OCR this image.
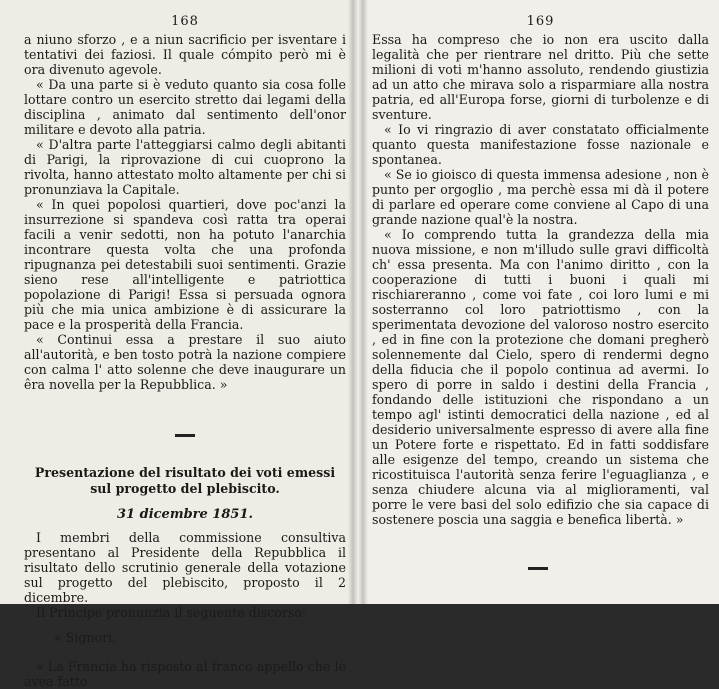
168

a niuno sforzo , e a niun sacrificio per isventare i tentativi dei faziosi. Il quale cómpito però mi è ora divenuto agevole.

« Da una parte si è veduto quanto sia cosa folle lottare contro un esercito stretto dai legami della disciplina , animato dal sentimento dell'onor militare e devoto alla patria.

« D'altra parte l'atteggiarsi calmo degli abitanti di Parigi, la riprovazione di cui cuoprono la rivolta, hanno attestato molto altamente per chi si pronunziava la Capitale.

« In quei popolosi quartieri, dove poc'anzi la insurrezione si spandeva così ratta tra operai facili a venir sedotti, non ha potuto l'anarchia incontrare questa volta che una profonda ripugnanza pei detestabili suoi sentimenti. Grazie sieno rese all'intelligente e patriottica popolazione di Parigi! Essa si persuada ognora più che mia unica ambizione è di assicurare la pace e la prosperità della Francia.

« Continui essa a prestare il suo aiuto all'autorità, e ben tosto potrà la nazione compiere con calma l' atto solenne che deve inaugurare un êra novella per la Repubblica. »

Presentazione del risultato dei voti emessi sul progetto del plebiscito.
31 dicembre 1851.

I membri della commissione consultiva presentano al Presidente della Repubblica il risultato dello scrutinio generale della votazione sul progetto del plebiscito, proposto il 2 dicembre.

Il Principe pronunzia il seguente discorso:

« Signori,

« La Francia ha risposto al franco appello che le avea fatto

169

Essa ha compreso che io non era uscito dalla legalità che per rientrare nel dritto. Più che sette milioni di voti m'hanno assoluto, rendendo giustizia ad un atto che mirava solo a risparmiare alla nostra patria, ed all'Europa forse, giorni di turbolenze e di sventure.

« Io vi ringrazio di aver constatato officialmente quanto questa manifestazione fosse nazionale e spontanea.

« Se io gioisco di questa immensa adesione , non è punto per orgoglio , ma perchè essa mi dà il potere di parlare ed operare come conviene al Capo di una grande nazione qual'è la nostra.

« Io comprendo tutta la grandezza della mia nuova missione, e non m'illudo sulle gravi difficoltà ch' essa presenta. Ma con l'animo diritto , con la cooperazione di tutti i buoni i quali mi rischiareranno , come voi fate , coi loro lumi e mi sosterranno col loro patriottismo , con la sperimentata devozione del valoroso nostro esercito , ed in fine con la protezione che domani pregherò solennemente dal Cielo, spero di rendermi degno della fiducia che il popolo continua ad avermi. Io spero di porre in saldo i destini della Francia , fondando delle istituzioni che rispondano a un tempo agl' istinti democratici della nazione , ed al desiderio universalmente espresso di avere alla fine un Potere forte e rispettato. Ed in fatti soddisfare alle esigenze del tempo, creando un sistema che ricostituisca l'autorità senza ferire l'eguaglianza , e senza chiudere alcuna via al miglioramenti, val porre le vere basi del solo edifizio che sia capace di sostenere poscia una saggia e benefica libertà. »
